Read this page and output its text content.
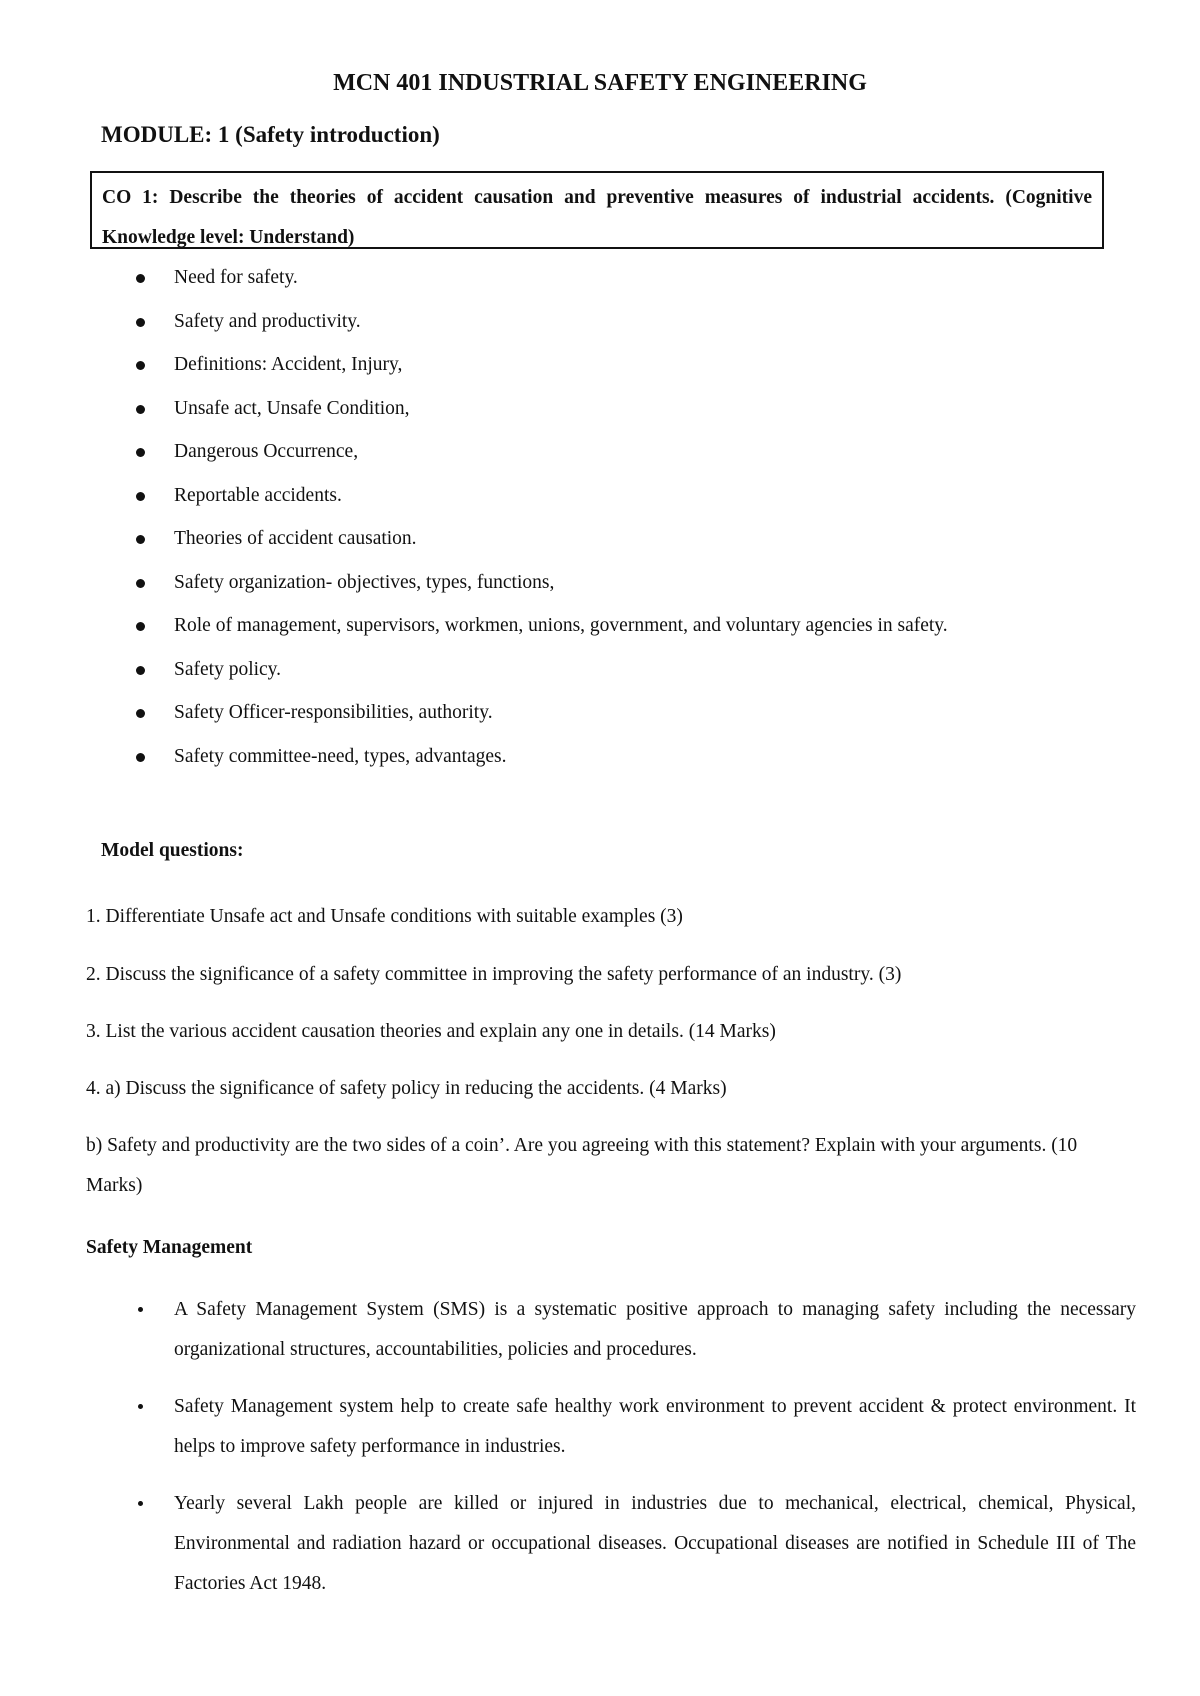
MCN 401 INDUSTRIAL SAFETY ENGINEERING
MODULE: 1 (Safety introduction)
CO 1: Describe the theories of accident causation and preventive measures of industrial accidents. (Cognitive Knowledge level: Understand)
Need for safety.
Safety and productivity.
Definitions: Accident, Injury,
Unsafe act, Unsafe Condition,
Dangerous Occurrence,
Reportable accidents.
Theories of accident causation.
Safety organization- objectives, types, functions,
Role of management, supervisors, workmen, unions, government, and voluntary agencies in safety.
Safety policy.
Safety Officer-responsibilities, authority.
Safety committee-need, types, advantages.
Model questions:

1. Differentiate Unsafe act and Unsafe conditions with suitable examples (3)

2. Discuss the significance of a safety committee in improving the safety performance of an industry. (3)

3. List the various accident causation theories and explain any one in details. (14 Marks)

4. a) Discuss the significance of safety policy in reducing the accidents. (4 Marks)

b) Safety and productivity are the two sides of a coin’. Are you agreeing with this statement? Explain with your arguments. (10 Marks)

Safety Management
A Safety Management System (SMS) is a systematic positive approach to managing safety including the necessary organizational structures, accountabilities, policies and procedures.
Safety Management system help to create safe healthy work environment to prevent accident & protect environment. It helps to improve safety performance in industries.
Yearly several Lakh people are killed or injured in industries due to mechanical, electrical, chemical, Physical, Environmental and radiation hazard or occupational diseases. Occupational diseases are notified in Schedule III of The Factories Act 1948.
